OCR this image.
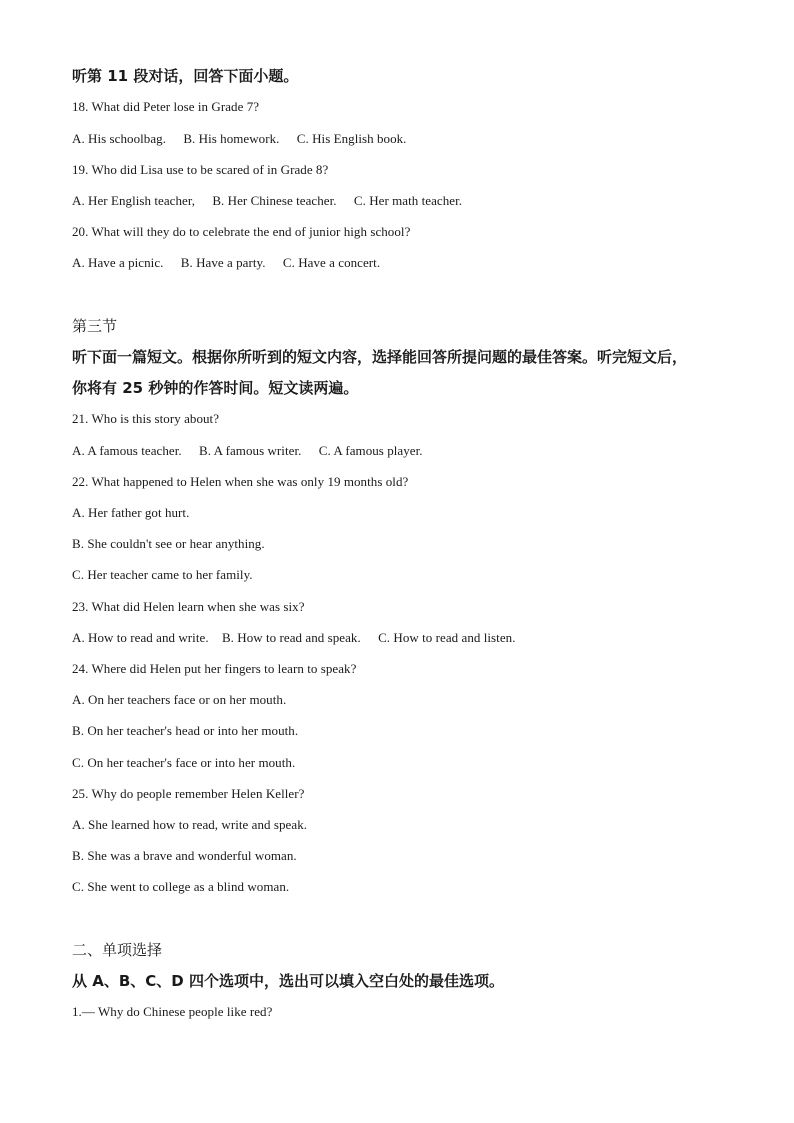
听第 11 段对话，回答下面小题。
18. What did Peter lose in Grade 7?
A. His schoolbag. B. His homework. C. His English book.
19. Who did Lisa use to be scared of in Grade 8?
A. Her English teacher, B. Her Chinese teacher. C. Her math teacher.
20. What will they do to celebrate the end of junior high school?
A. Have a picnic. B. Have a party. C. Have a concert.
第三节
听下面一篇短文。根据你所听到的短文内容，选择能回答所提问题的最佳答案。听完短文后，
你将有 25 秒钟的作答时间。短文读两遍。
21. Who is this story about?
A. A famous teacher. B. A famous writer. C. A famous player.
22. What happened to Helen when she was only 19 months old?
A. Her father got hurt.
B. She couldn't see or hear anything.
C. Her teacher came to her family.
23. What did Helen learn when she was six?
A. How to read and write. B. How to read and speak. C. How to read and listen.
24. Where did Helen put her fingers to learn to speak?
A. On her teachers face or on her mouth.
B. On her teacher's head or into her mouth.
C. On her teacher's face or into her mouth.
25. Why do people remember Helen Keller?
A. She learned how to read, write and speak.
B. She was a brave and wonderful woman.
C. She went to college as a blind woman.
二、单项选择
从 A、B、C、D 四个选项中，选出可以填入空白处的最佳选项。
1.— Why do Chinese people like red?
